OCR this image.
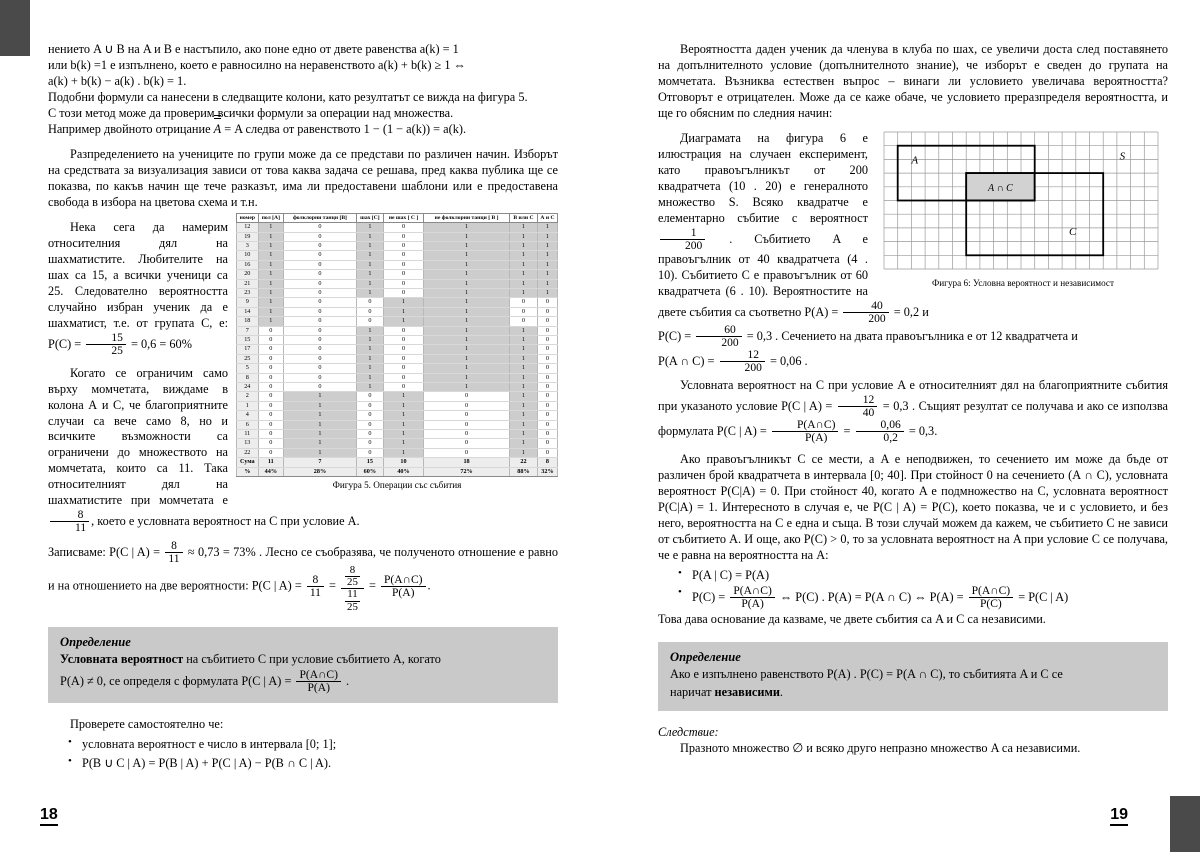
нението A ∪ B на A и B е настъпило, ако поне едно от двете равенства a(k) = 1
или b(k) =1 е изпълнено, което е равносилно на неравенството a(k) + b(k) ≥ 1 ⇔
a(k) + b(k) − a(k) . b(k) = 1.

Подобни формули са нанесени в следващите колони, като резултатът се вижда на фигура 5.

С този метод може да проверим всички формули за операции над множества.

Например двойното отрицание A = A следва от равенството 1 − (1 − a(k)) = a(k).

Разпределението на учениците по групи може да се представи по различен начин. Изборът на средствата за визуализация зависи от това каква задача се решава, пред каква публика ще се показва, по какъв начин ще тече разказът, има ли предоставени шаблони или е предоставена свобода в избора на цветова схема и т.н.

номер	пол [А]	фолклорни танци [В]	шах [С]	не шах [ C ]	не фолклорни танци [ B ]	В или С	А и С
12	1	0	1	0	1	1	1
19	1	0	1	0	1	1	1
3	1	0	1	0	1	1	1
10	1	0	1	0	1	1	1
16	1	0	1	0	1	1	1
20	1	0	1	0	1	1	1
21	1	0	1	0	1	1	1
23	1	0	1	0	1	1	1
9	1	0	0	1	1	0	0
14	1	0	0	1	1	0	0
18	1	0	0	1	1	0	0
7	0	0	1	0	1	1	0
15	0	0	1	0	1	1	0
17	0	0	1	0	1	1	0
25	0	0	1	0	1	1	0
5	0	0	1	0	1	1	0
8	0	0	1	0	1	1	0
24	0	0	1	0	1	1	0
2	0	1	0	1	0	1	0
1	0	1	0	1	0	1	0
4	0	1	0	1	0	1	0
6	0	1	0	1	0	1	0
11	0	1	0	1	0	1	0
13	0	1	0	1	0	1	0
22	0	1	0	1	0	1	0
Сума	11	7	15	10	18	22	8
%	44%	28%	60%	40%	72%	88%	32%
Фигура 5. Операции със събития

Нека сега да намерим относителния дял на шахматистите. Любителите на шах са 15, а всички ученици са 25. Следователно вероятността случайно избран ученик да е шахматист, т.е. от групата C, е: $P(C) = \frac{15}{25} = 0,6 = 60\%$

Когато се ограничим само върху момчетата, виждаме в колона А и С, че благоприятните случаи са вече само 8, но и всичките възможности са ограничени до множеството на момчетата, които са 11. Така относителният дял на шахматистите при момчетата е
$\frac{8}{11}$ , което е условната вероятност на C при условие A.

Записваме: P(C | $A) = \frac{8}{11} \approx 0,73 = 73\%$ . Лесно се съобразява, че полученото отношение е равно и на отношението на две вероятности: P(C | $A) = \frac{8}{11} = \frac{\frac{8}{25}}{\frac{11}{25}} = \frac{P(A\cap C)}{P(A)}$ .

Определение
Условната вероятност на събитието C при условие събитието A, когато
P(A) ≠ 0, се определя с формулата P(C | $A) = \frac{P(A\cap C)}{P(A)}$ .

Проверете самостоятелно че:

• условната вероятност е число в интервала [0; 1];
• P(B ∪ C | A) = P(B | A) + P(C | A) − P(B ∩ C | A).

Вероятността даден ученик да членува в клуба по шах, се увеличи доста след поставянето на допълнителното условие (допълнителното знание), че изборът е сведен до групата на момчетата. Възниква естествен въпрос – винаги ли условието увеличава вероятността? Отговорът е отрицателен. Може да се каже обаче, че условието преразпределя вероятността, и ще го обясним по следния начин:

S
A
C
A ∩ C
Фигура 6: Условна вероятност и независимост

Диаграмата на фигура 6 е илюстрация на случаен експеримент, като правоъгълникът от 200 квадратчета (10 . 20) е генералното множество S. Всяко квадратче е елементарно събитие с вероятност
$\frac{1}{200}$ . Събитието A е правоъгълник от 40 квадратчета (4 . 10). Събитието C е правоъгълник от 60 квадратчета (6 . 10). Вероятностите на двете събития са съответно $P(A) = \frac{40}{200} = 0,2$ и
$P(C) = \frac{60}{200} = 0,3$ . Сечението на двата правоъгълника е от 12 квадратчета и
P(A ∩ $C) = \frac{12}{200} = 0,06$ .

Условната вероятност на C при условие A е относителният дял на благоприятните събития при указаното условие P(C | $A) = \frac{12}{40} = 0,3$ . Същият резултат се получава и ако се използва формулата P(C | $A) = \frac{P(A\cap C)}{P(A)} = \frac{0,06}{0,2} = 0,3$.

Ако правоъгълникът C се мести, а A е неподвижен, то сечението им може да бъде от различен брой квадратчета в интервала [0; 40]. При стойност 0 на сечението (A ∩ C), условната вероятност P(C|A) = 0. При стойност 40, когато A е подмножество на C, условната вероятност P(C|A) = 1. Интересното в случая е, че P(C | A) = P(C), което показва, че и с условието, и без него, вероятността на C е една и съща. В този случай можем да кажем, че събитието C не зависи от събитието A. И още, ако P(C) > 0, то за условната вероятност на A при условие C се получава, че е равна на вероятността на A:

• P(A | C) = P(A)
• $P(C) = \frac{P(A\cap C)}{P(A)}$ ⇔ P(C) . P(A) = P(A ∩ C) ⇔ $P(A) = \frac{P(A\cap C)}{P(C)} = P(C$ | A)

Това дава основание да казваме, че двете събития са A и C са независими.

Определение
Ако е изпълнено равенството P(A) . P(C) = P(A ∩ C), то събитията A и C се
наричат независими.

Следствие:

Празното множество ∅ и всяко друго непразно множество A са независими.

18	19
